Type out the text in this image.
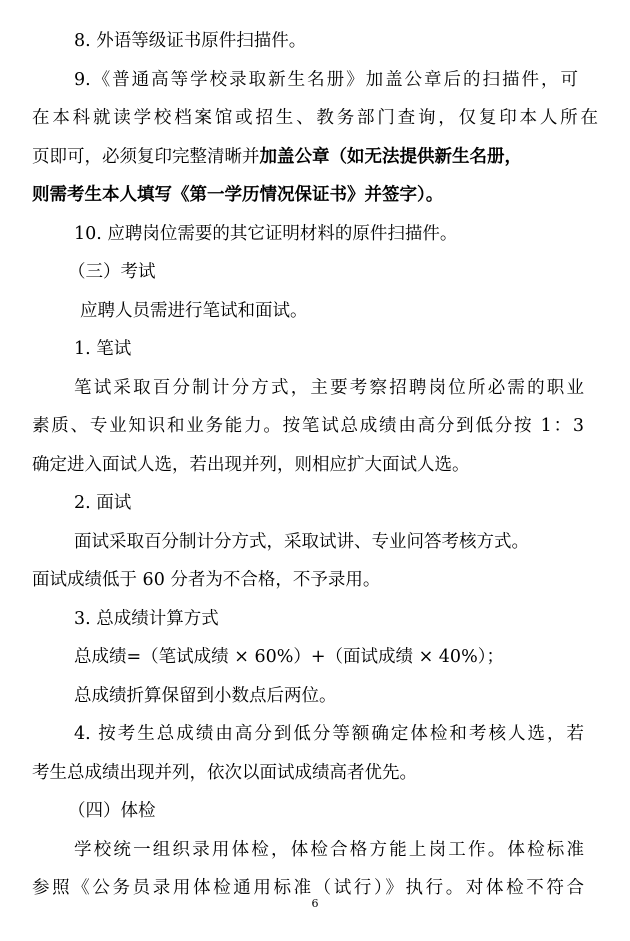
8. 外语等级证书原件扫描件。
9.《普通高等学校录取新生名册》加盖公章后的扫描件，可
在本科就读学校档案馆或招生、教务部门查询，仅复印本人所在
页即可，必须复印完整清晰并加盖公章（如无法提供新生名册，
则需考生本人填写《第一学历情况保证书》并签字）。
10. 应聘岗位需要的其它证明材料的原件扫描件。
（三）考试
应聘人员需进行笔试和面试。
1. 笔试
笔试采取百分制计分方式，主要考察招聘岗位所必需的职业
素质、专业知识和业务能力。按笔试总成绩由高分到低分按 1：3
确定进入面试人选，若出现并列，则相应扩大面试人选。
2. 面试
面试采取百分制计分方式，采取试讲、专业问答考核方式。
面试成绩低于 60 分者为不合格，不予录用。
3. 总成绩计算方式
总成绩=（笔试成绩 × 60%）+（面试成绩 × 40%）；
总成绩折算保留到小数点后两位。
4. 按考生总成绩由高分到低分等额确定体检和考核人选，若
考生总成绩出现并列，依次以面试成绩高者优先。
（四）体检
学校统一组织录用体检，体检合格方能上岗工作。体检标准
参照《公务员录用体检通用标准（试行）》执行。对体检不符合
6
